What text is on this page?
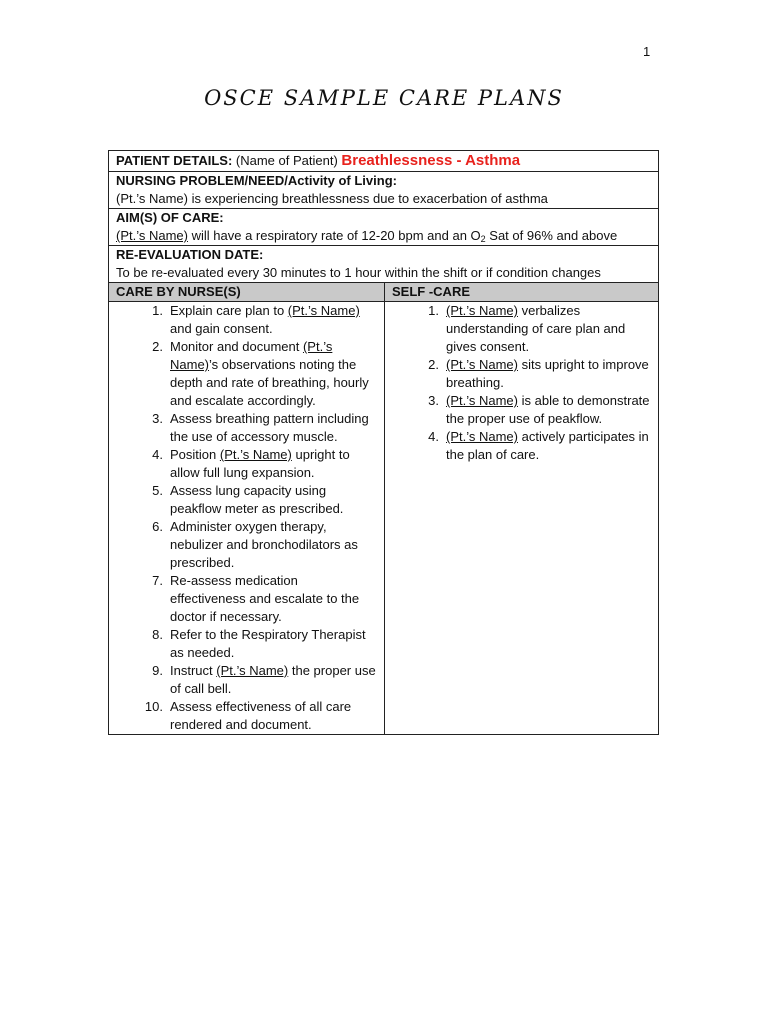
1
OSCE SAMPLE CARE PLANS
PATIENT DETAILS: (Name of Patient) Breathlessness - Asthma
NURSING PROBLEM/NEED/Activity of Living:
(Pt.’s Name) is experiencing breathlessness due to exacerbation of asthma
AIM(S) OF CARE:
(Pt.’s Name) will have a respiratory rate of 12-20 bpm and an $O_2$ Sat of 96% and above
RE-EVALUATION DATE:
To be re-evaluated every 30 minutes to 1 hour within the shift or if condition changes
CARE BY NURSE(S)	SELF -CARE
1. Explain care plan to (Pt.’s Name) and gain consent.
2. Monitor and document (Pt.’s Name)’s observations noting the depth and rate of breathing, hourly and escalate accordingly.
3. Assess breathing pattern including the use of accessory muscle.
4. Position (Pt.’s Name) upright to allow full lung expansion.
5. Assess lung capacity using peakflow meter as prescribed.
6. Administer oxygen therapy, nebulizer and bronchodilators as prescribed.
7. Re-assess medication effectiveness and escalate to the doctor if necessary.
8. Refer to the Respiratory Therapist as needed.
9. Instruct (Pt.’s Name) the proper use of call bell.
10. Assess effectiveness of all care rendered and document.
1. (Pt.’s Name) verbalizes understanding of care plan and gives consent.
2. (Pt.’s Name) sits upright to improve breathing.
3. (Pt.’s Name) is able to demonstrate the proper use of peakflow.
4. (Pt.’s Name) actively participates in the plan of care.
